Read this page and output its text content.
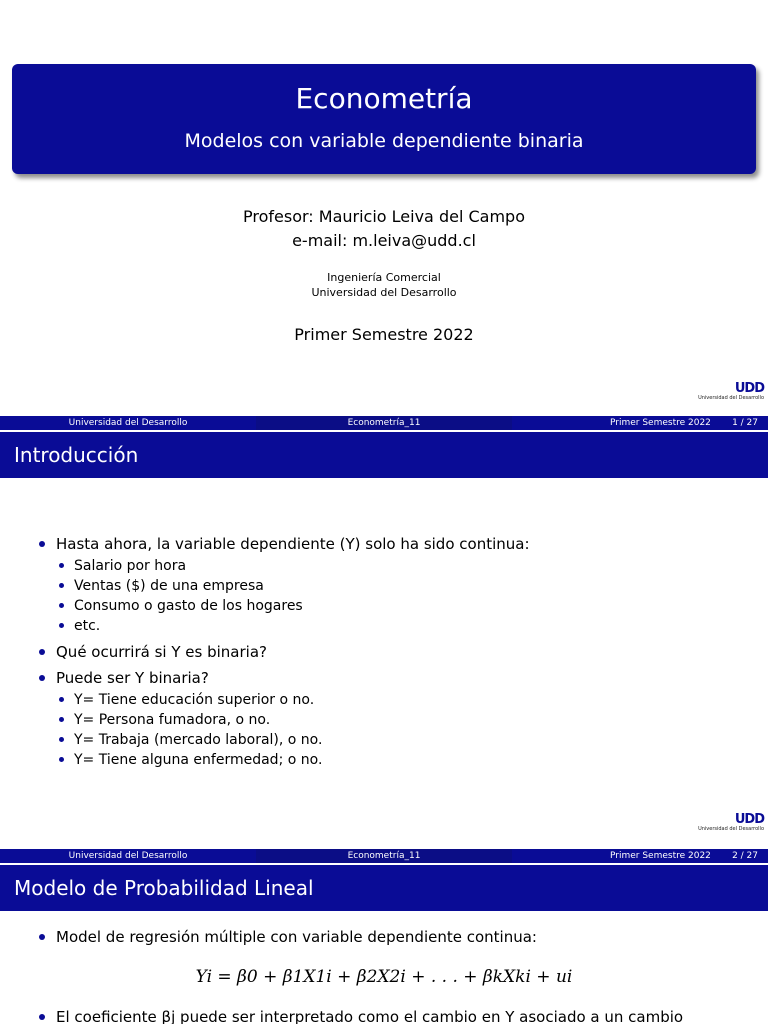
Econometría
Modelos con variable dependiente binaria
Profesor: Mauricio Leiva del Campo
e-mail: m.leiva@udd.cl
Ingeniería Comercial
Universidad del Desarrollo
Primer Semestre 2022
UDD
Universidad del Desarrollo
Universidad del Desarrollo	Econometría_11	Primer Semestre 2022 1 / 27
Introducción
Hasta ahora, la variable dependiente (Y) solo ha sido continua:
Salario por hora
Ventas ($) de una empresa
Consumo o gasto de los hogares
etc.
Qué ocurrirá si Y es binaria?
Puede ser Y binaria?
Y= Tiene educación superior o no.
Y= Persona fumadora, o no.
Y= Trabaja (mercado laboral), o no.
Y= Tiene alguna enfermedad; o no.
UDD
Universidad del Desarrollo
Universidad del Desarrollo	Econometría_11	Primer Semestre 2022 2 / 27
Modelo de Probabilidad Lineal
Model de regresión múltiple con variable dependiente continua:
Yi = β0 + β1X1i + β2X2i + . . . + βkXki + ui
El coeficiente βj puede ser interpretado como el cambio en Y asociado a un cambio
